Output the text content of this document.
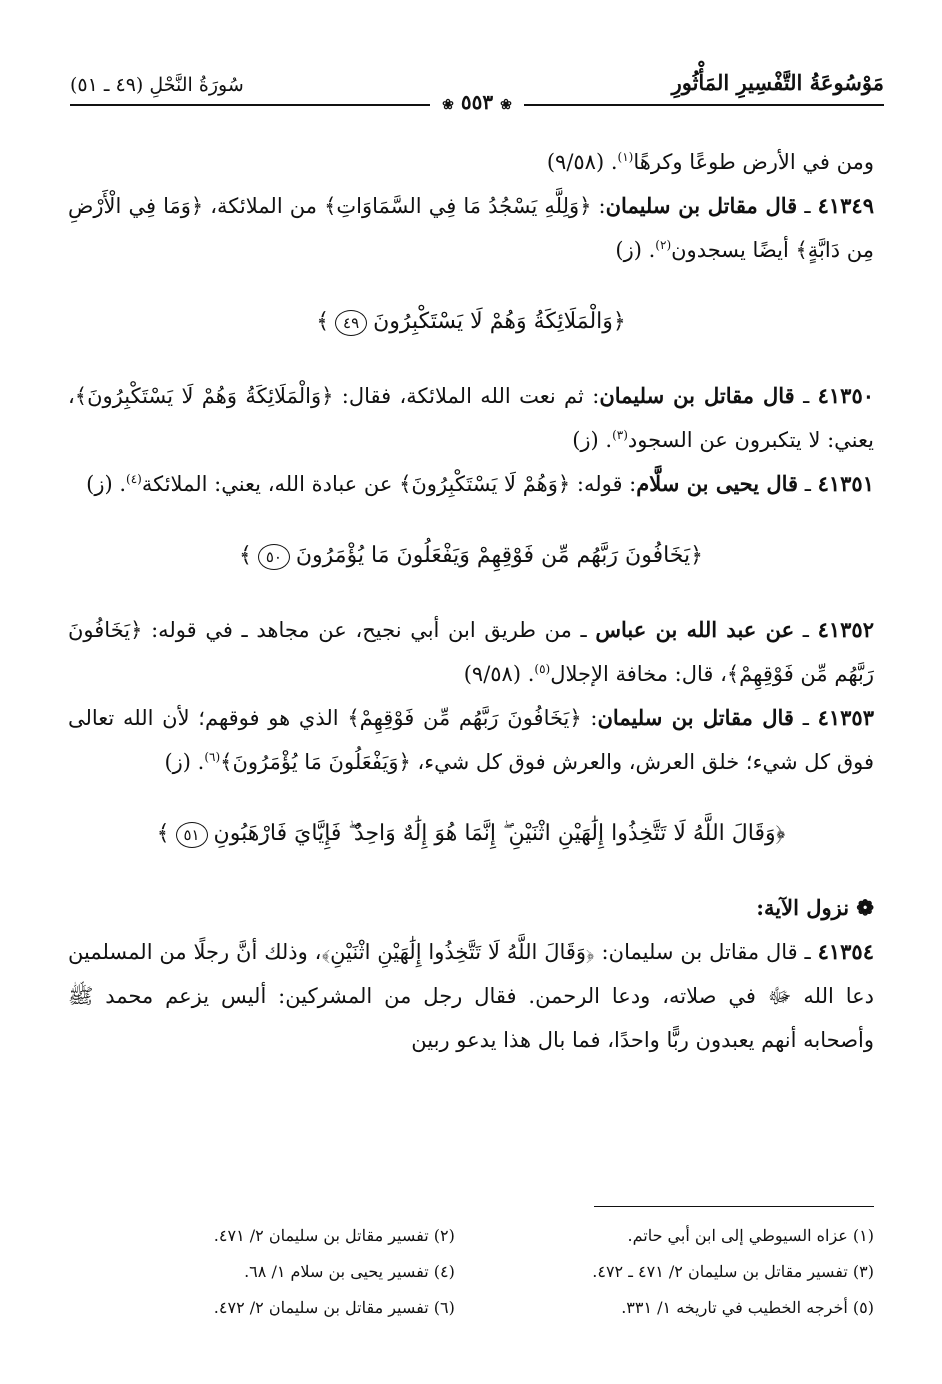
مَوْسُوعَةُ التَّفْسِيرِ المَأْثُورِ
سُورَةُ النَّحْلِ (٤٩ ـ ٥١)
❀ ٥٥٣ ❀

ومن في الأرض طوعًا وكرهًا$^{(١)}$. (٩/٥٨)

٤١٣٤٩ ـ قال مقاتل بن سليمان: ﴿وَلِلَّهِ يَسْجُدُ مَا فِي السَّمَاوَاتِ﴾ من الملائكة، ﴿وَمَا فِي الْأَرْضِ مِن دَابَّةٍ﴾ أيضًا يسجدون$^{(٢)}$. (ز)

﴿وَالْمَلَائِكَةُ وَهُمْ لَا يَسْتَكْبِرُونَ٤٩﴾

٤١٣٥٠ ـ قال مقاتل بن سليمان: ثم نعت الله الملائكة، فقال: ﴿وَالْمَلَائِكَةُ وَهُمْ لَا يَسْتَكْبِرُونَ﴾، يعني: لا يتكبرون عن السجود$^{(٣)}$. (ز)

٤١٣٥١ ـ قال يحيى بن سلَّام: قوله: ﴿وَهُمْ لَا يَسْتَكْبِرُونَ﴾ عن عبادة الله، يعني: الملائكة$^{(٤)}$. (ز)

﴿يَخَافُونَ رَبَّهُم مِّن فَوْقِهِمْ وَيَفْعَلُونَ مَا يُؤْمَرُونَ٥٠﴾

٤١٣٥٢ ـ عن عبد الله بن عباس ـ من طريق ابن أبي نجيح، عن مجاهد ـ في قوله: ﴿يَخَافُونَ رَبَّهُم مِّن فَوْقِهِمْ﴾، قال: مخافة الإجلال$^{(٥)}$. (٩/٥٨)

٤١٣٥٣ ـ قال مقاتل بن سليمان: ﴿يَخَافُونَ رَبَّهُم مِّن فَوْقِهِمْ﴾ الذي هو فوقهم؛ لأن الله تعالى فوق كل شيء؛ خلق العرش، والعرش فوق كل شيء، ﴿وَيَفْعَلُونَ مَا يُؤْمَرُونَ﴾$^{(٦)}$. (ز)

﴿وَقَالَ اللَّهُ لَا تَتَّخِذُوا إِلَٰهَيْنِ اثْنَيْنِ ۖ إِنَّمَا هُوَ إِلَٰهٌ وَاحِدٌ ۖ فَإِيَّايَ فَارْهَبُونِ٥١﴾
❁ نزول الآية:

٤١٣٥٤ ـ قال مقاتل بن سليمان: ﴿وَقَالَ اللَّهُ لَا تَتَّخِذُوا إِلَٰهَيْنِ اثْنَيْنِ﴾، وذلك أنَّ رجلًا من المسلمين دعا الله ﷻ في صلاته، ودعا الرحمن. فقال رجل من المشركين: أليس يزعم محمد ﷺ وأصحابه أنهم يعبدون ربًّا واحدًا، فما بال هذا يدعو ربين

(١) عزاه السيوطي إلى ابن أبي حاتم.
(٣) تفسير مقاتل بن سليمان ٢/ ٤٧١ ـ ٤٧٢.
(٥) أخرجه الخطيب في تاريخه ١/ ٣٣١.
(٢) تفسير مقاتل بن سليمان ٢/ ٤٧١.
(٤) تفسير يحيى بن سلام ١/ ٦٨.
(٦) تفسير مقاتل بن سليمان ٢/ ٤٧٢.
